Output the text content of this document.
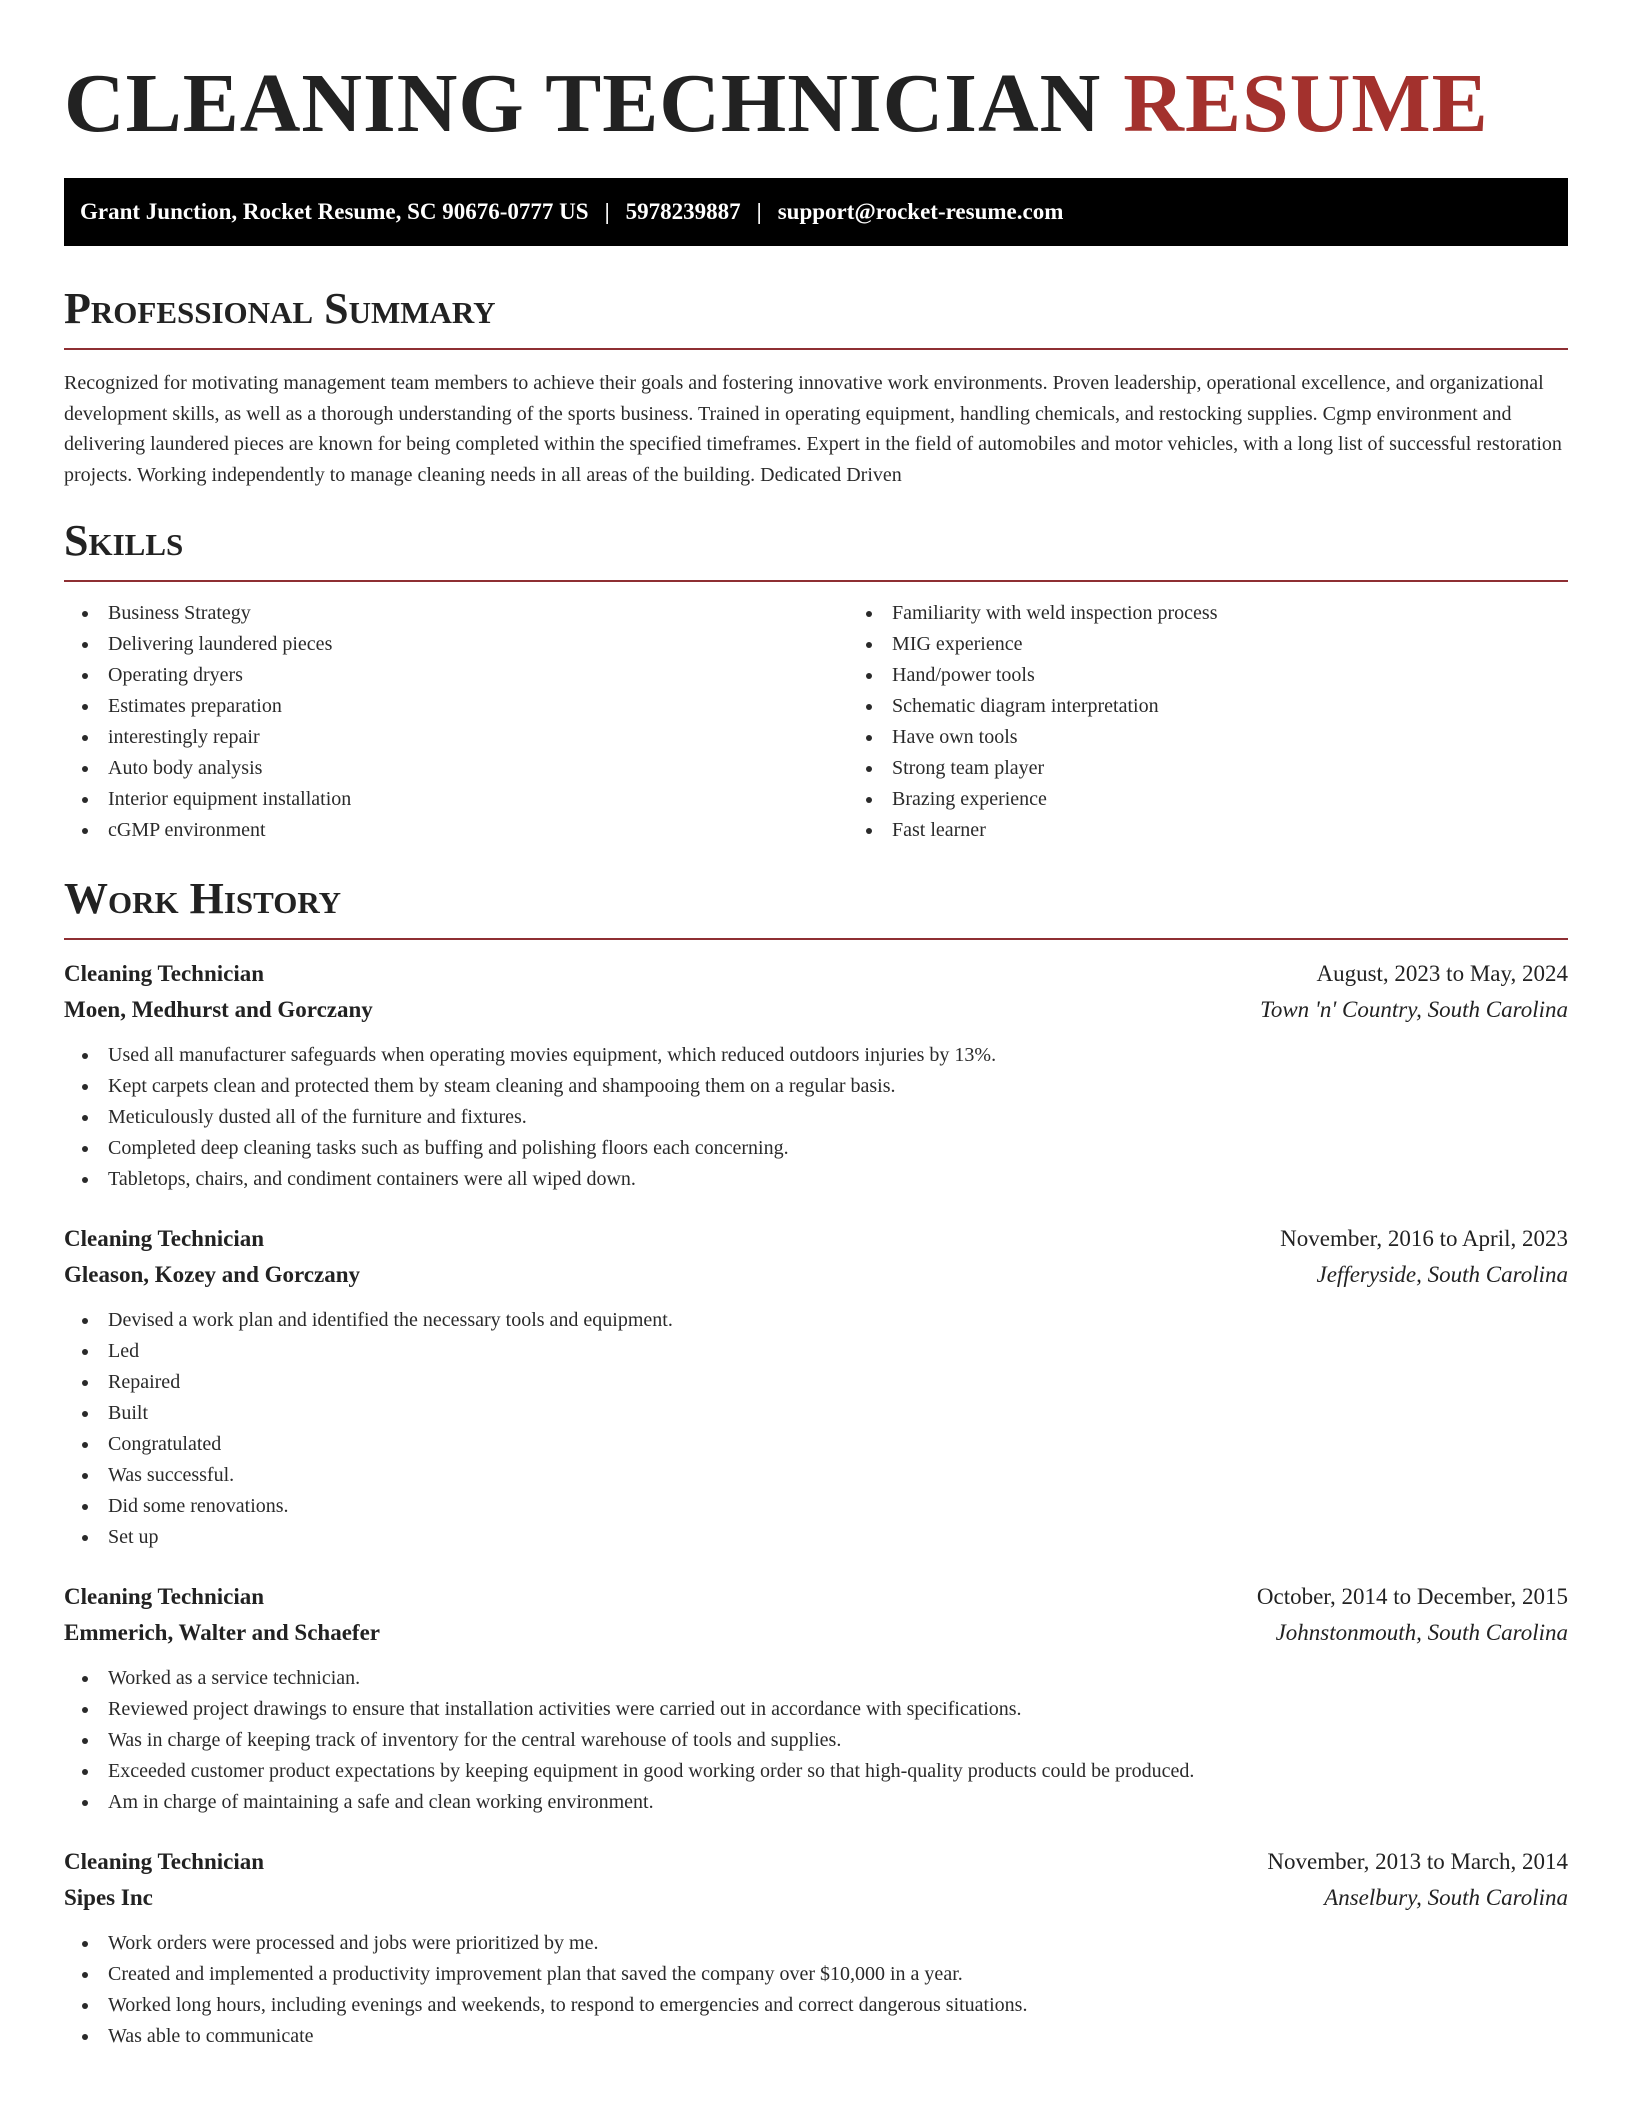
CLEANING TECHNICIAN RESUME
Grant Junction, Rocket Resume, SC 90676-0777 US | 5978239887 | support@rocket-resume.com
Professional Summary

Recognized for motivating management team members to achieve their goals and fostering innovative work environments. Proven leadership, operational excellence, and organizational development skills, as well as a thorough understanding of the sports business. Trained in operating equipment, handling chemicals, and restocking supplies. Cgmp environment and delivering laundered pieces are known for being completed within the specified timeframes. Expert in the field of automobiles and motor vehicles, with a long list of successful restoration projects. Working independently to manage cleaning needs in all areas of the building. Dedicated Driven

Skills
Business Strategy
Delivering laundered pieces
Operating dryers
Estimates preparation
interestingly repair
Auto body analysis
Interior equipment installation
cGMP environment
Familiarity with weld inspection process
MIG experience
Hand/power tools
Schematic diagram interpretation
Have own tools
Strong team player
Brazing experience
Fast learner
Work History
Cleaning Technician	August, 2023 to May, 2024
Moen, Medhurst and Gorczany	Town 'n' Country, South Carolina
Used all manufacturer safeguards when operating movies equipment, which reduced outdoors injuries by 13%.
Kept carpets clean and protected them by steam cleaning and shampooing them on a regular basis.
Meticulously dusted all of the furniture and fixtures.
Completed deep cleaning tasks such as buffing and polishing floors each concerning.
Tabletops, chairs, and condiment containers were all wiped down.
Cleaning Technician	November, 2016 to April, 2023
Gleason, Kozey and Gorczany	Jefferyside, South Carolina
Devised a work plan and identified the necessary tools and equipment.
Led
Repaired
Built
Congratulated
Was successful.
Did some renovations.
Set up
Cleaning Technician	October, 2014 to December, 2015
Emmerich, Walter and Schaefer	Johnstonmouth, South Carolina
Worked as a service technician.
Reviewed project drawings to ensure that installation activities were carried out in accordance with specifications.
Was in charge of keeping track of inventory for the central warehouse of tools and supplies.
Exceeded customer product expectations by keeping equipment in good working order so that high-quality products could be produced.
Am in charge of maintaining a safe and clean working environment.
Cleaning Technician	November, 2013 to March, 2014
Sipes Inc	Anselbury, South Carolina
Work orders were processed and jobs were prioritized by me.
Created and implemented a productivity improvement plan that saved the company over $10,000 in a year.
Worked long hours, including evenings and weekends, to respond to emergencies and correct dangerous situations.
Was able to communicate
